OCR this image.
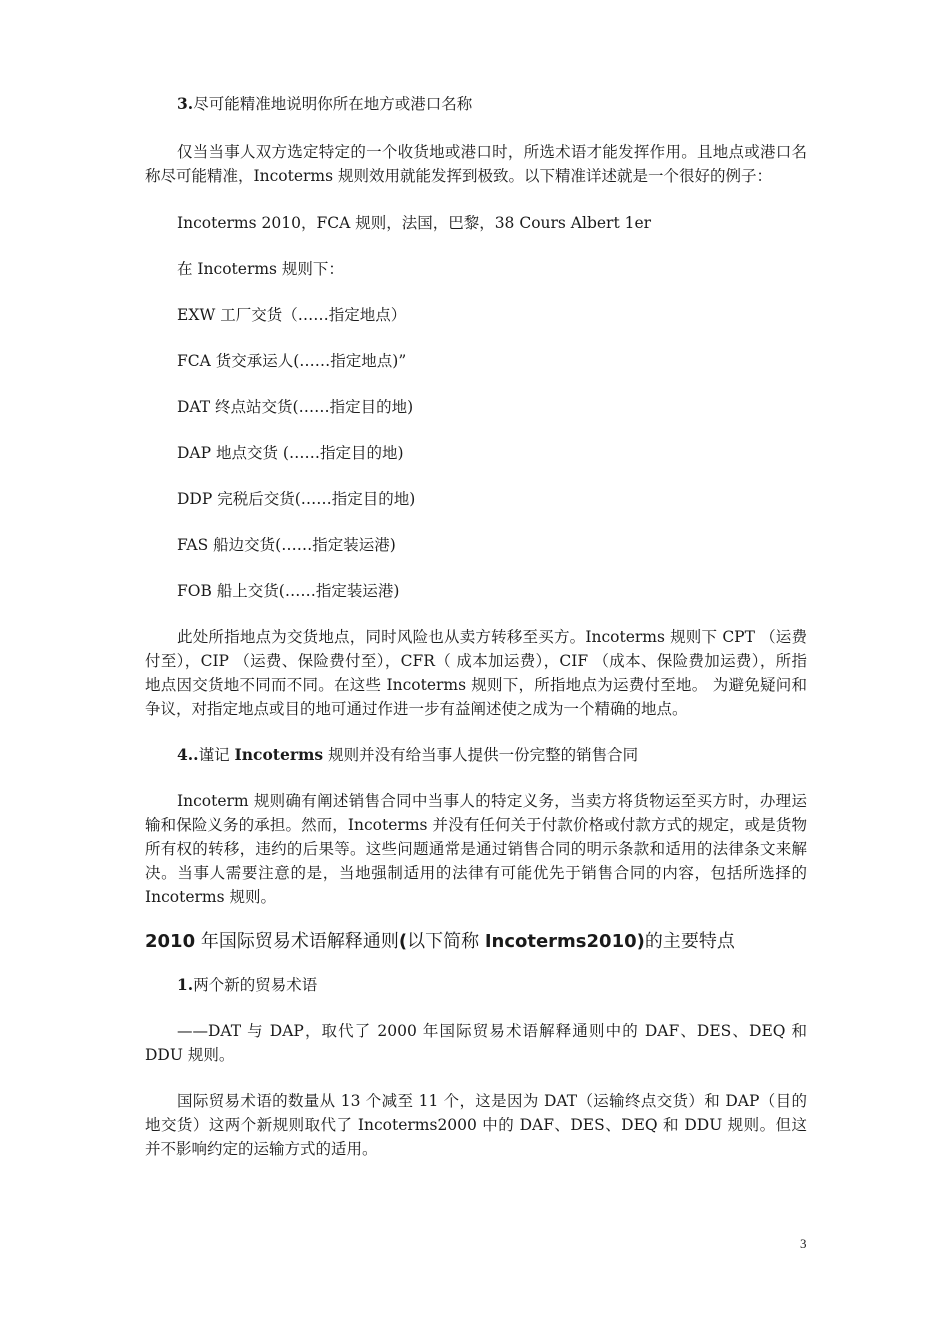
3.尽可能精准地说明你所在地方或港口名称

仅当当事人双方选定特定的一个收货地或港口时，所选术语才能发挥作用。且地点或港口名称尽可能精准，Incoterms 规则效用就能发挥到极致。以下精准详述就是一个很好的例子：

Incoterms 2010，FCA 规则，法国，巴黎，38 Cours Albert 1er

在 Incoterms 规则下：

EXW 工厂交货（……指定地点）

FCA 货交承运人(……指定地点)”

DAT 终点站交货(……指定目的地)

DAP 地点交货 (……指定目的地)

DDP 完税后交货(……指定目的地)

FAS 船边交货(……指定装运港)

FOB 船上交货(……指定装运港)

此处所指地点为交货地点，同时风险也从卖方转移至买方。Incoterms 规则下 CPT （运费付至），CIP （运费、保险费付至），CFR（ 成本加运费），CIF （成本、保险费加运费），所指地点因交货地不同而不同。在这些 Incoterms 规则下，所指地点为运费付至地。 为避免疑问和争议，对指定地点或目的地可通过作进一步有益阐述使之成为一个精确的地点。

4..谨记 Incoterms 规则并没有给当事人提供一份完整的销售合同

Incoterm 规则确有阐述销售合同中当事人的特定义务，当卖方将货物运至买方时，办理运输和保险义务的承担。然而，Incoterms 并没有任何关于付款价格或付款方式的规定，或是货物所有权的转移，违约的后果等。这些问题通常是通过销售合同的明示条款和适用的法律条文来解决。当事人需要注意的是，当地强制适用的法律有可能优先于销售合同的内容，包括所选择的 Incoterms 规则。

2010 年国际贸易术语解释通则(以下简称 Incoterms2010)的主要特点

1.两个新的贸易术语

——DAT 与 DAP，取代了 2000 年国际贸易术语解释通则中的 DAF、DES、DEQ 和 DDU 规则。

国际贸易术语的数量从 13 个减至 11 个，这是因为 DAT（运输终点交货）和 DAP（目的地交货）这两个新规则取代了 Incoterms2000 中的 DAF、DES、DEQ 和 DDU 规则。但这并不影响约定的运输方式的适用。

3
